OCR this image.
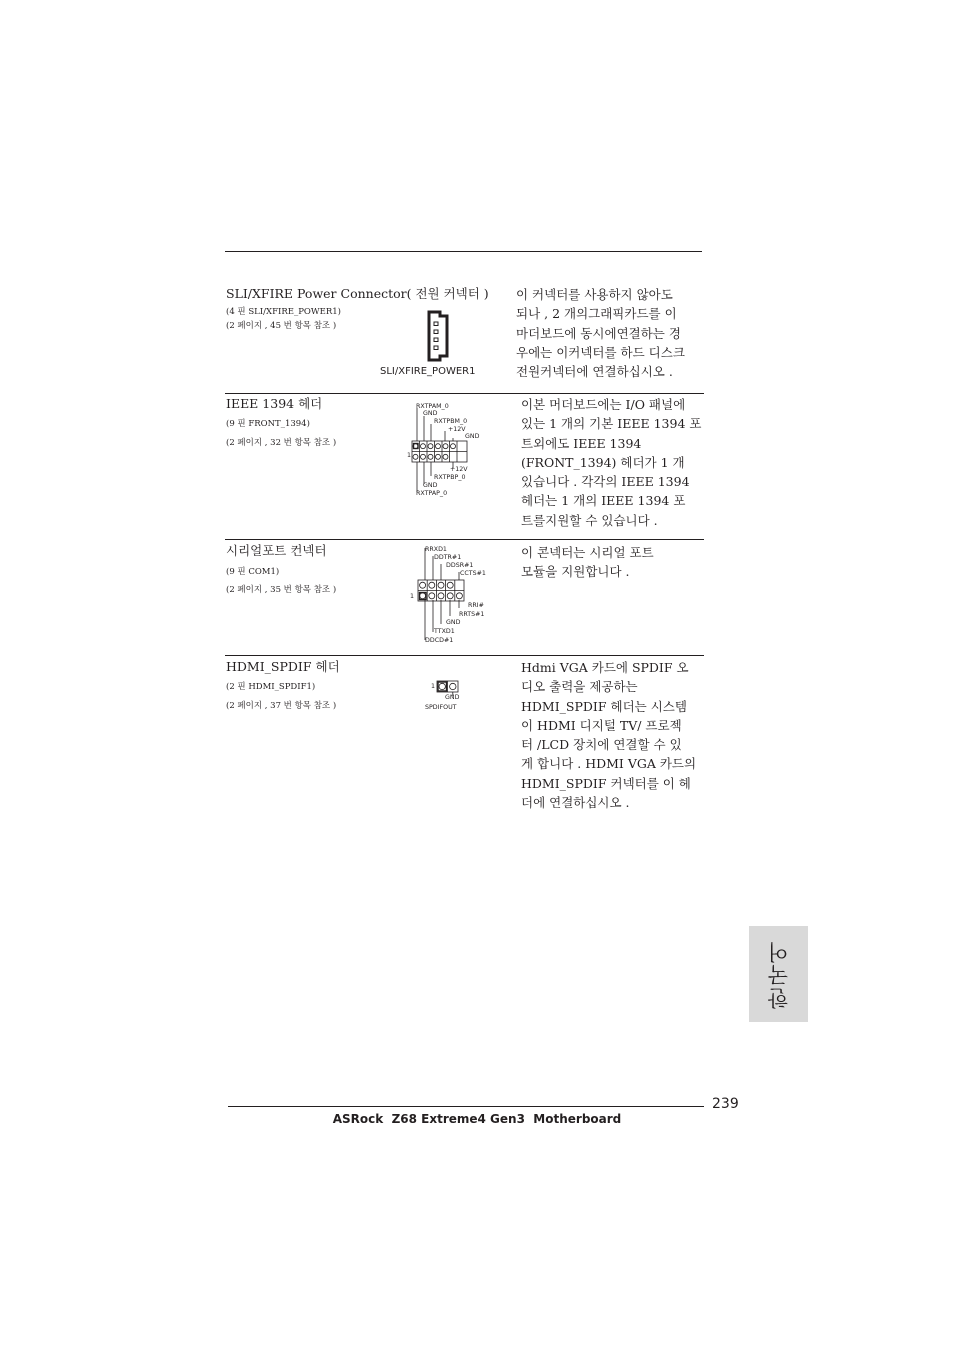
SLI/XFIRE Power Connector( 전원 커넥터 )
(4 핀 SLI/XFIRE_POWER1)
(2 페이지 , 45 번 항목 참조 )
SLI/XFIRE_POWER1
이 커넥터를 사용하지 않아도
되나 , 2 개의그래픽카드를 이
마더보드에 동시에연결하는 경
우에는 이커넥터를 하드 디스크
전원커넥터에 연결하십시오 .
IEEE 1394 헤더
(9 핀 FRONT_1394)
(2 페이지 , 32 번 항목 참조 )
RXTPAM_0
GND
RXTPBM_0
+12V
GND
+12V
RXTPBP_0
GND
RXTPAP_0
1
이본 머더보드에는 I/O 패널에
있는 1 개의 기본 IEEE 1394 포
트외에도 IEEE 1394
(FRONT_1394) 헤더가 1 개
있습니다 . 각각의 IEEE 1394
헤더는 1 개의 IEEE 1394 포
트를지원할 수 있습니다 .
시리얼포트 컨넥터
(9 핀 COM1)
(2 페이지 , 35 번 항목 참조 )
RRXD1
DDTR#1
DDSR#1
CCTS#1
RRI#
RRTS#1
GND
TTXD1
DDCD#1
1
이 콘넥터는 시리얼 포트
모듈을 지원합니다 .
HDMI_SPDIF 헤더
(2 핀 HDMI_SPDIF1)
(2 페이지 , 37 번 항목 참조 )
GND
SPDIFOUT
1
Hdmi VGA 카드에 SPDIF 오
디오 출력을 제공하는
HDMI_SPDIF 헤더는 시스템
이 HDMI 디지털 TV/ 프로젝
터 /LCD 장치에 연결할 수 있
게 합니다 . HDMI VGA 카드의
HDMI_SPDIF 커넥터를 이 헤
더에 연결하십시오 .
한국어
239
ASRock  Z68 Extreme4 Gen3  Motherboard
